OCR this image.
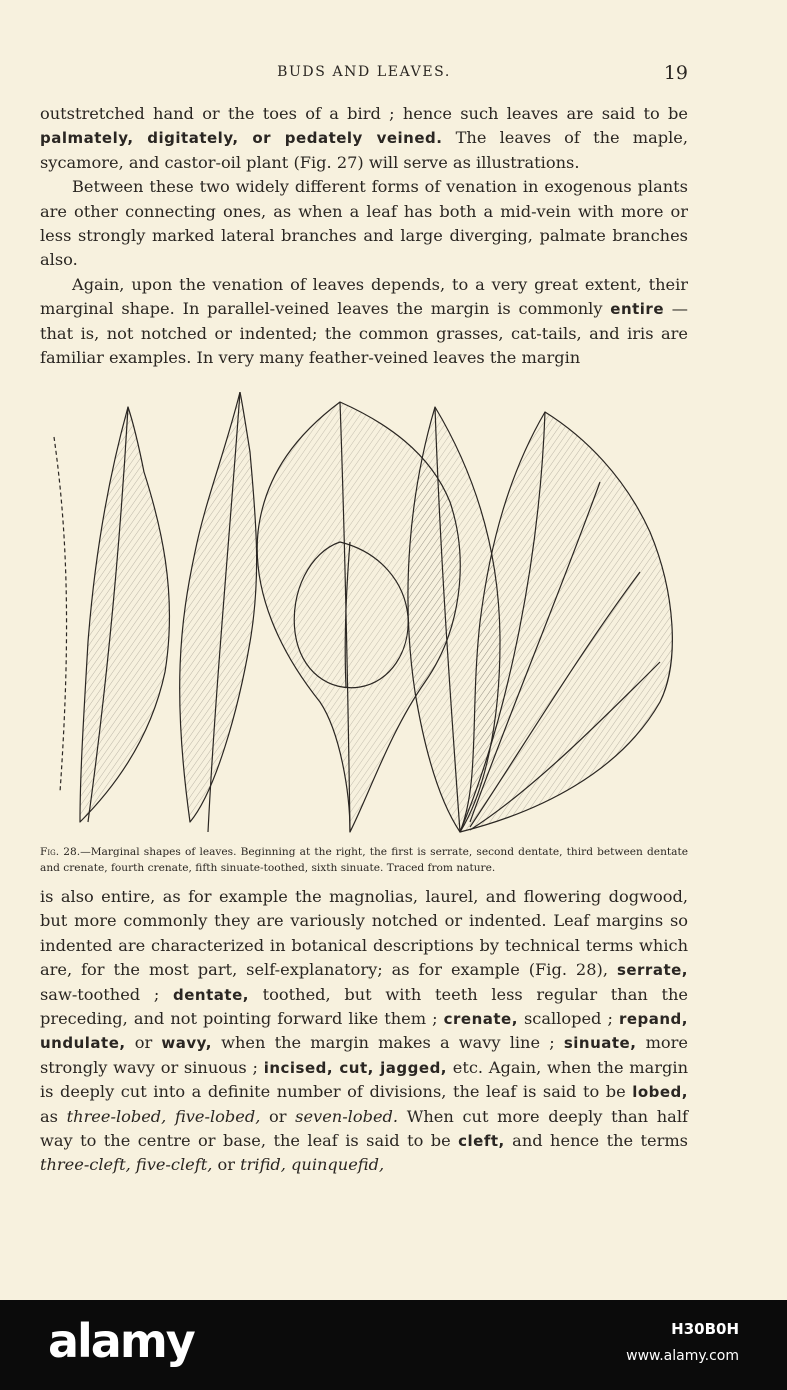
BUDS AND LEAVES.	19

outstretched hand or the toes of a bird ; hence such leaves are said to be palmately, digitately, or pedately veined. The leaves of the maple, sycamore, and castor-oil plant (Fig. 27) will serve as illustrations.

Between these two widely different forms of venation in exogenous plants are other connecting ones, as when a leaf has both a mid-vein with more or less strongly marked lateral branches and large diverging, palmate branches also.

Again, upon the venation of leaves depends, to a very great extent, their marginal shape. In parallel-veined leaves the margin is commonly entire —that is, not notched or indented; the common grasses, cat-tails, and iris are familiar examples. In very many feather-veined leaves the margin

Fig. 28.—Marginal shapes of leaves. Beginning at the right, the first is serrate, second dentate, third between dentate and crenate, fourth crenate, fifth sinuate-toothed, sixth sinuate. Traced from nature.

is also entire, as for example the magnolias, laurel, and flowering dogwood, but more commonly they are variously notched or indented. Leaf margins so indented are characterized in botanical descriptions by technical terms which are, for the most part, self-explanatory; as for example (Fig. 28), serrate, saw-toothed ; dentate, toothed, but with teeth less regular than the preceding, and not pointing forward like them ; crenate, scalloped ; repand, undulate, or wavy, when the margin makes a wavy line ; sinuate, more strongly wavy or sinuous ; incised, cut, jagged, etc. Again, when the margin is deeply cut into a definite number of divisions, the leaf is said to be lobed, as three-lobed, five-lobed, or seven-lobed. When cut more deeply than half way to the centre or base, the leaf is said to be cleft, and hence the terms three-cleft, five-cleft, or trifid, quinquefid,

alamy	H30B0H
www.alamy.com
